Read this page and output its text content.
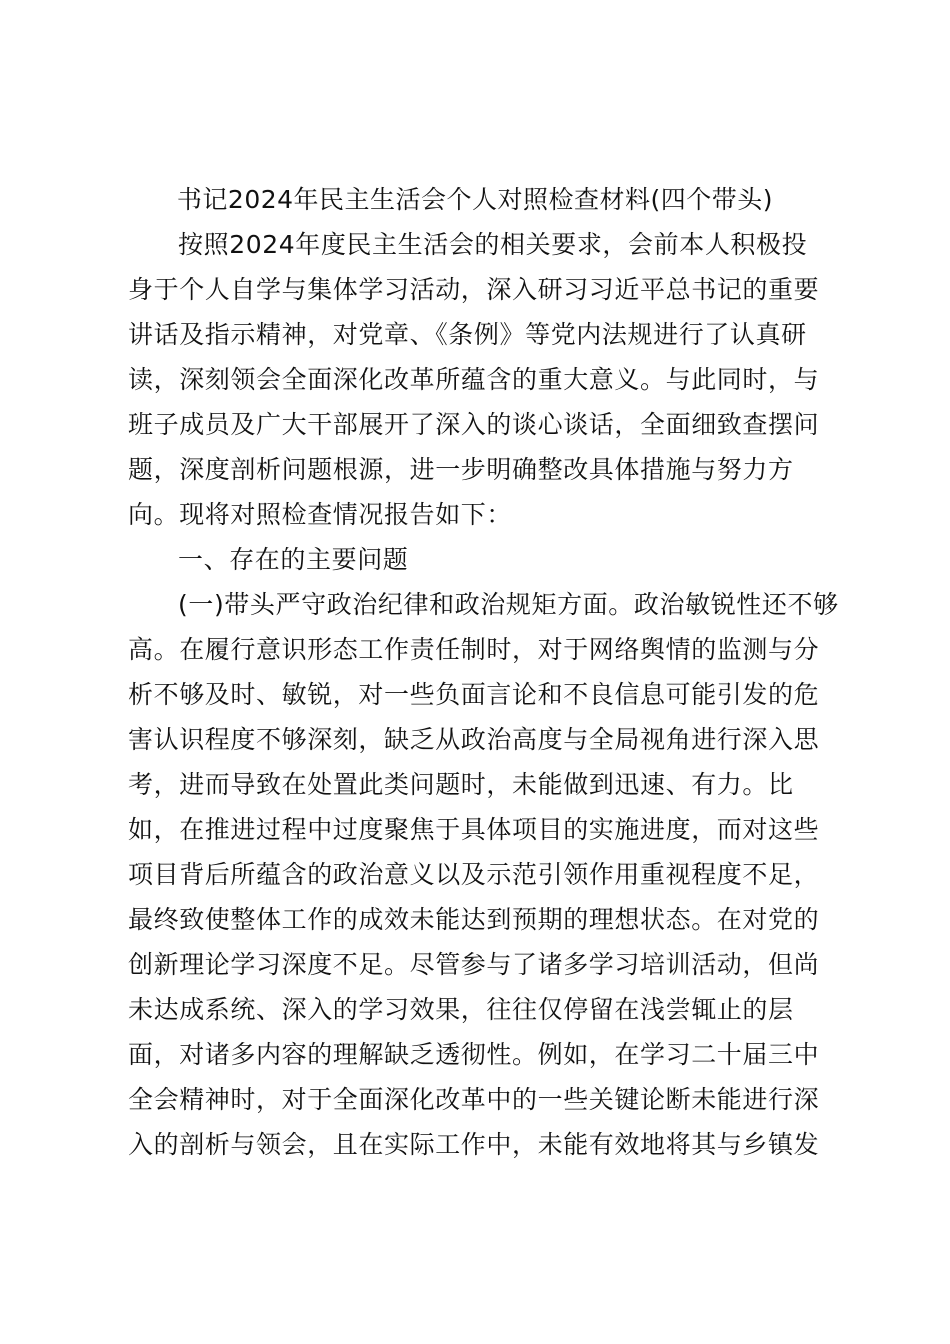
书记2024年民主生活会个人对照检查材料(四个带头)
按照2024年度民主生活会的相关要求，会前本人积极投
身于个人自学与集体学习活动，深入研习习近平总书记的重要
讲话及指示精神，对党章、《条例》等党内法规进行了认真研
读，深刻领会全面深化改革所蕴含的重大意义。与此同时，与
班子成员及广大干部展开了深入的谈心谈话，全面细致查摆问
题，深度剖析问题根源，进一步明确整改具体措施与努力方
向。现将对照检查情况报告如下：
一、存在的主要问题
(一)带头严守政治纪律和政治规矩方面。政治敏锐性还不够
高。在履行意识形态工作责任制时，对于网络舆情的监测与分
析不够及时、敏锐，对一些负面言论和不良信息可能引发的危
害认识程度不够深刻，缺乏从政治高度与全局视角进行深入思
考，进而导致在处置此类问题时，未能做到迅速、有力。比
如，在推进过程中过度聚焦于具体项目的实施进度，而对这些
项目背后所蕴含的政治意义以及示范引领作用重视程度不足，
最终致使整体工作的成效未能达到预期的理想状态。在对党的
创新理论学习深度不足。尽管参与了诸多学习培训活动，但尚
未达成系统、深入的学习效果，往往仅停留在浅尝辄止的层
面，对诸多内容的理解缺乏透彻性。例如，在学习二十届三中
全会精神时，对于全面深化改革中的一些关键论断未能进行深
入的剖析与领会，且在实际工作中，未能有效地将其与乡镇发
